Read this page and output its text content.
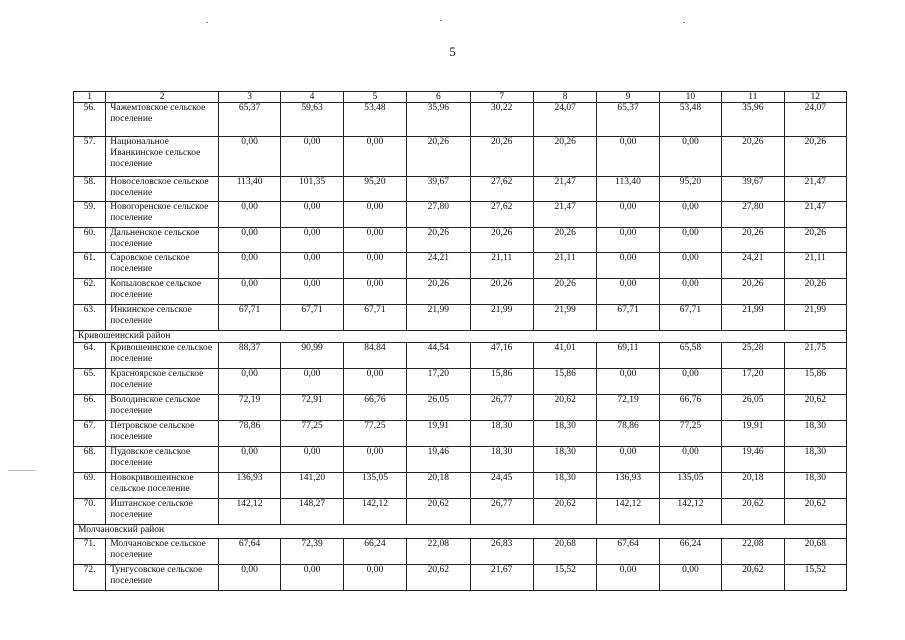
5
1	2	3	4	5	6	7	8	9	10	11	12
56.	Чажемтовское сельское поселение	65,37	59,63	53,48	35,96	30,22	24,07	65,37	53,48	35,96	24,07
57.	Национальное Иванкинское сельское поселение	0,00	0,00	0,00	20,26	20,26	20,26	0,00	0,00	20,26	20,26
58.	Новоселовское сельское поселение	113,40	101,35	95,20	39,67	27,62	21,47	113,40	95,20	39,67	21,47
59.	Новогоренское сельское поселение	0,00	0,00	0,00	27,80	27,62	21,47	0,00	0,00	27,80	21,47
60.	Дальненское сельское поселение	0,00	0,00	0,00	20,26	20,26	20,26	0,00	0,00	20,26	20,26
61.	Саровское сельское поселение	0,00	0,00	0,00	24,21	21,11	21,11	0,00	0,00	24,21	21,11
62.	Копыловское сельское поселение	0,00	0,00	0,00	20,26	20,26	20,26	0,00	0,00	20,26	20,26
63.	Инкинское сельское поселение	67,71	67,71	67,71	21,99	21,99	21,99	67,71	67,71	21,99	21,99
Кривошеинский район											
64.	Кривошеинское сельское поселение	88,37	90,99	84,84	44,54	47,16	41,01	69,11	65,58	25,28	21,75
65.	Красноярское сельское поселение	0,00	0,00	0,00	17,20	15,86	15,86	0,00	0,00	17,20	15,86
66.	Володинское сельское поселение	72,19	72,91	66,76	26,05	26,77	20,62	72,19	66,76	26,05	20,62
67.	Петровское сельское поселение	78,86	77,25	77,25	19,91	18,30	18,30	78,86	77,25	19,91	18,30
68.	Пудовское сельское поселение	0,00	0,00	0,00	19,46	18,30	18,30	0,00	0,00	19,46	18,30
69.	Новокривошеинское сельское поселение	136,93	141,20	135,05	20,18	24,45	18,30	136,93	135,05	20,18	18,30
70.	Иштанское сельское поселение	142,12	148,27	142,12	20,62	26,77	20,62	142,12	142,12	20,62	20,62
Молчановский район											
71.	Молчановское сельское поселение	67,64	72,39	66,24	22,08	26,83	20,68	67,64	66,24	22,08	20,68
72.	Тунгусовское сельское поселение	0,00	0,00	0,00	20,62	21,67	15,52	0,00	0,00	20,62	15,52
